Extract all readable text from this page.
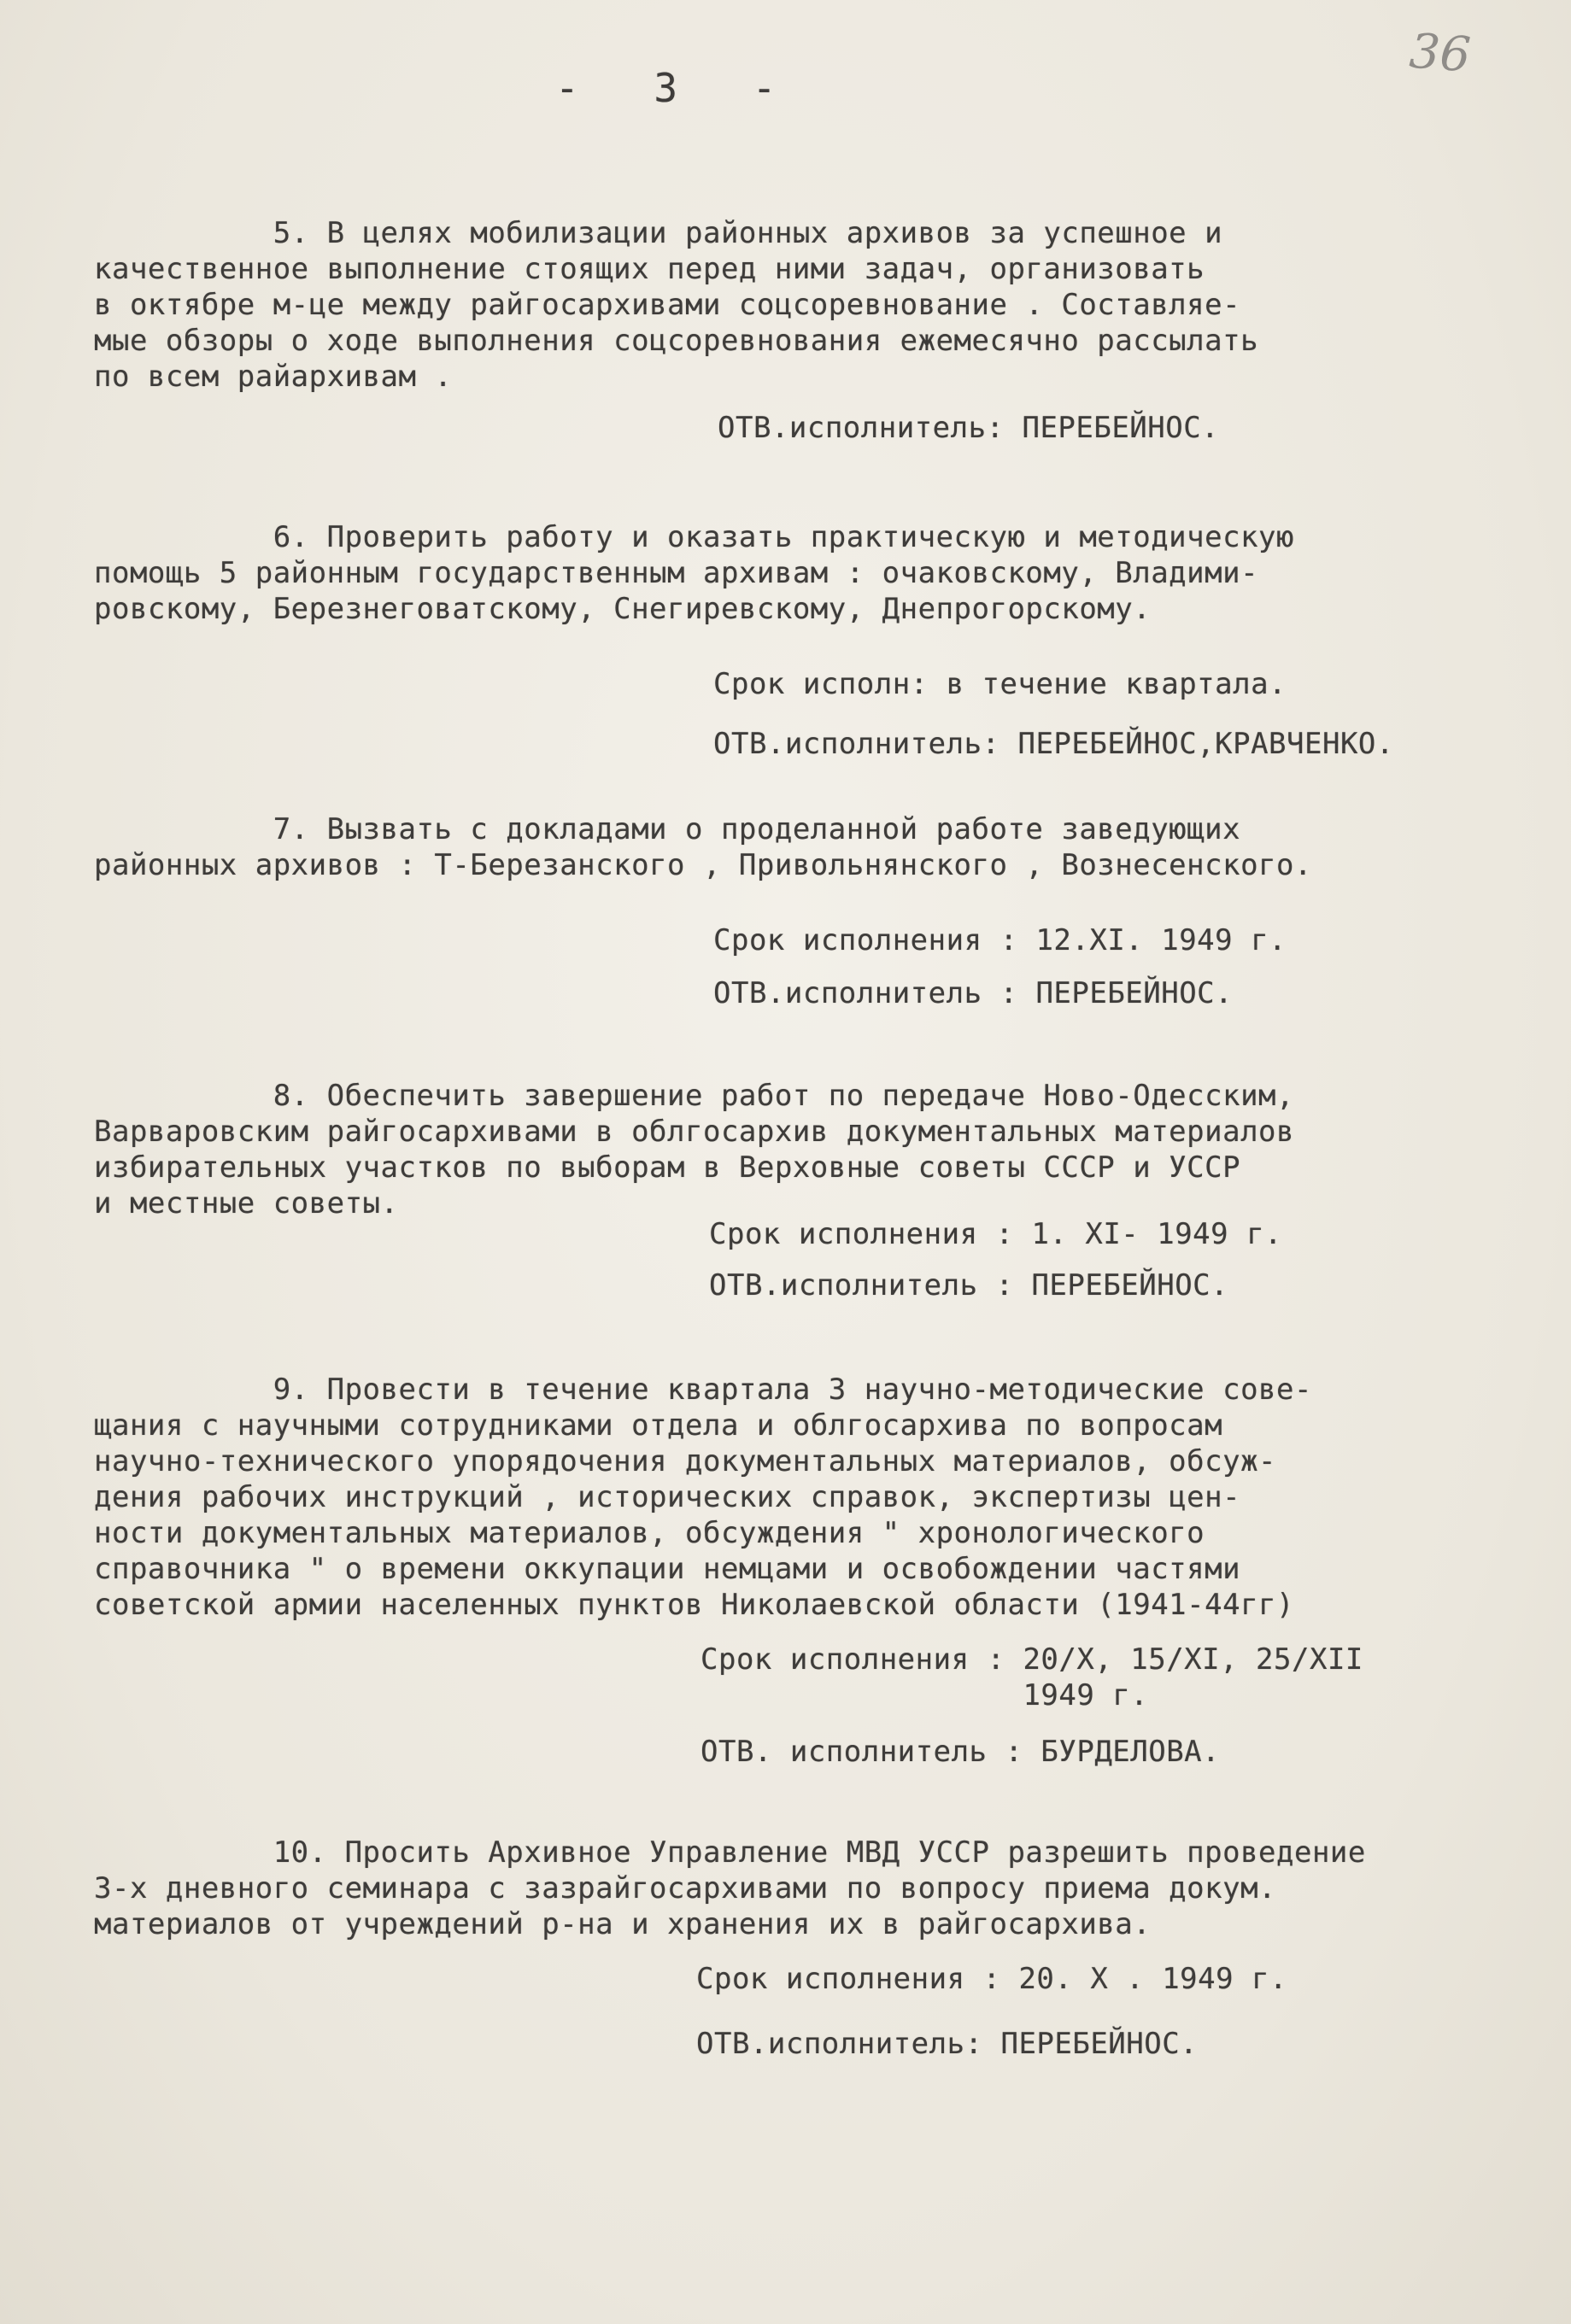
36
- 3 -
5. В целях мобилизации районных архивов за успешное и
качественное выполнение стоящих перед ними задач, организовать
в октябре м-це между райгосархивами соцсоревнование . Составляе-
мые обзоры о ходе выполнения соцсоревнования ежемесячно рассылать
по всем райархивам .
ОТВ.исполнитель: ПЕРЕБЕЙНОС.
6. Проверить работу и оказать практическую и методическую
помощь 5 районным государственным архивам : очаковскому, Владими-
ровскому, Березнеговатскому, Снегиревскому, Днепрогорскому.
Срок исполн: в течение квартала.
ОТВ.исполнитель: ПЕРЕБЕЙНОС,КРАВЧЕНКО.
7. Вызвать с докладами о проделанной работе заведующих
районных архивов : Т-Березанского , Привольнянского , Вознесенского.
Срок исполнения : 12.XI. 1949 г.
ОТВ.исполнитель : ПЕРЕБЕЙНОС.
8. Обеспечить завершение работ по передаче Ново-Одесским,
Варваровским райгосархивами в облгосархив документальных материалов
избирательных участков по выборам в Верховные советы СССР и УССР
и местные советы.
Срок исполнения : 1. XI- 1949 г.
ОТВ.исполнитель : ПЕРЕБЕЙНОС.
9. Провести в течение квартала 3 научно-методические сове-
щания с научными сотрудниками отдела и облгосархива по вопросам
научно-технического упорядочения документальных материалов, обсуж-
дения рабочих инструкций , исторических справок, экспертизы цен-
ности документальных материалов, обсуждения " хронологического
справочника " о времени оккупации немцами и освобождении частями
советской армии населенных пунктов Николаевской области (1941-44гг)
Срок исполнения : 20/X, 15/XI, 25/XII
1949 г.
ОТВ. исполнитель : БУРДЕЛОВА.
10. Просить Архивное Управление МВД УССР разрешить проведение
3-х дневного семинара с зазрайгосархивами по вопросу приема докум.
материалов от учреждений р-на и хранения их в райгосархива.
Срок исполнения : 20. X . 1949 г.
ОТВ.исполнитель: ПЕРЕБЕЙНОС.
